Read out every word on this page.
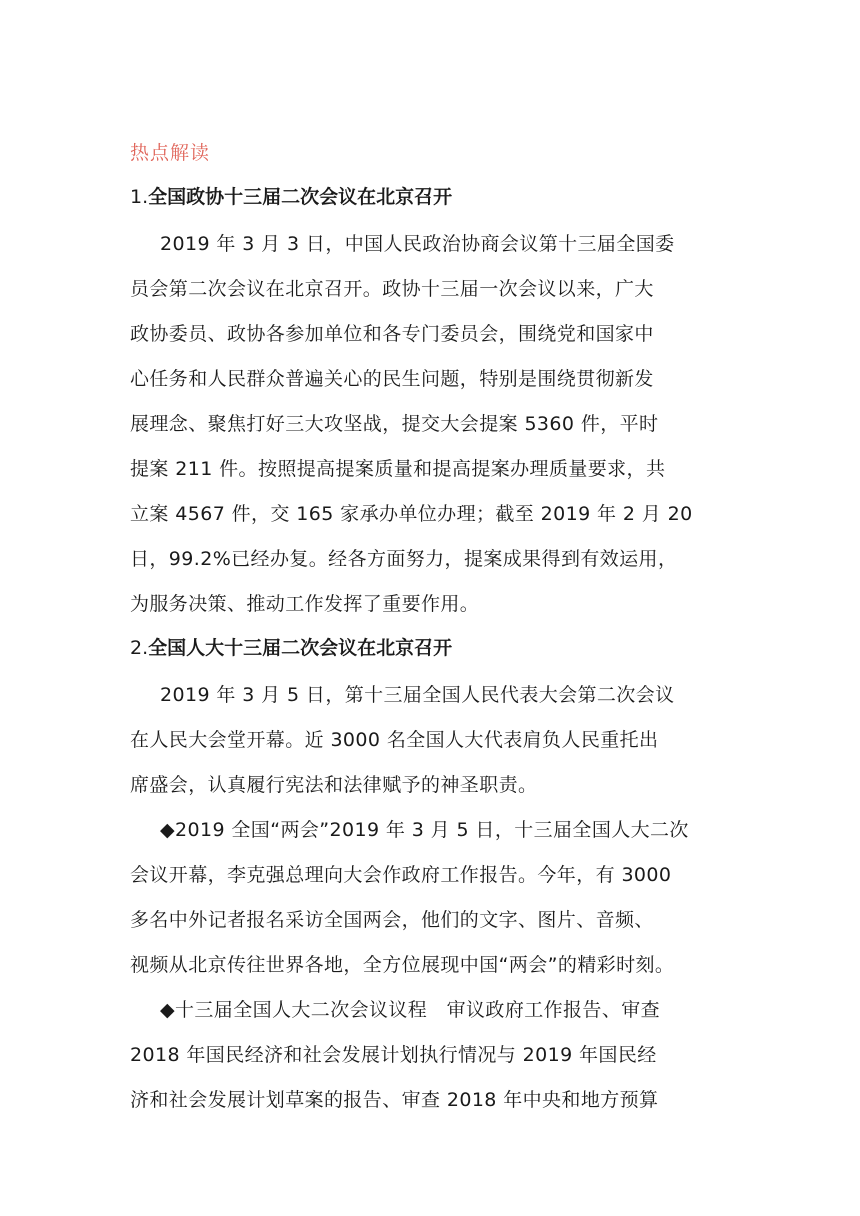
热点解读
1.全国政协十三届二次会议在北京召开
2019 年 3 月 3 日，中国人民政治协商会议第十三届全国委
员会第二次会议在北京召开。政协十三届一次会议以来，广大
政协委员、政协各参加单位和各专门委员会，围绕党和国家中
心任务和人民群众普遍关心的民生问题，特别是围绕贯彻新发
展理念、聚焦打好三大攻坚战，提交大会提案 5360 件，平时
提案 211 件。按照提高提案质量和提高提案办理质量要求，共
立案 4567 件，交 165 家承办单位办理；截至 2019 年 2 月 20
日，99.2%已经办复。经各方面努力，提案成果得到有效运用，
为服务决策、推动工作发挥了重要作用。
2.全国人大十三届二次会议在北京召开
2019 年 3 月 5 日，第十三届全国人民代表大会第二次会议
在人民大会堂开幕。近 3000 名全国人大代表肩负人民重托出
席盛会，认真履行宪法和法律赋予的神圣职责。
◆2019 全国“两会”2019 年 3 月 5 日，十三届全国人大二次
会议开幕，李克强总理向大会作政府工作报告。今年，有 3000
多名中外记者报名采访全国两会，他们的文字、图片、音频、
视频从北京传往世界各地，全方位展现中国“两会”的精彩时刻。
◆十三届全国人大二次会议议程　审议政府工作报告、审查
2018 年国民经济和社会发展计划执行情况与 2019 年国民经
济和社会发展计划草案的报告、审查 2018 年中央和地方预算
